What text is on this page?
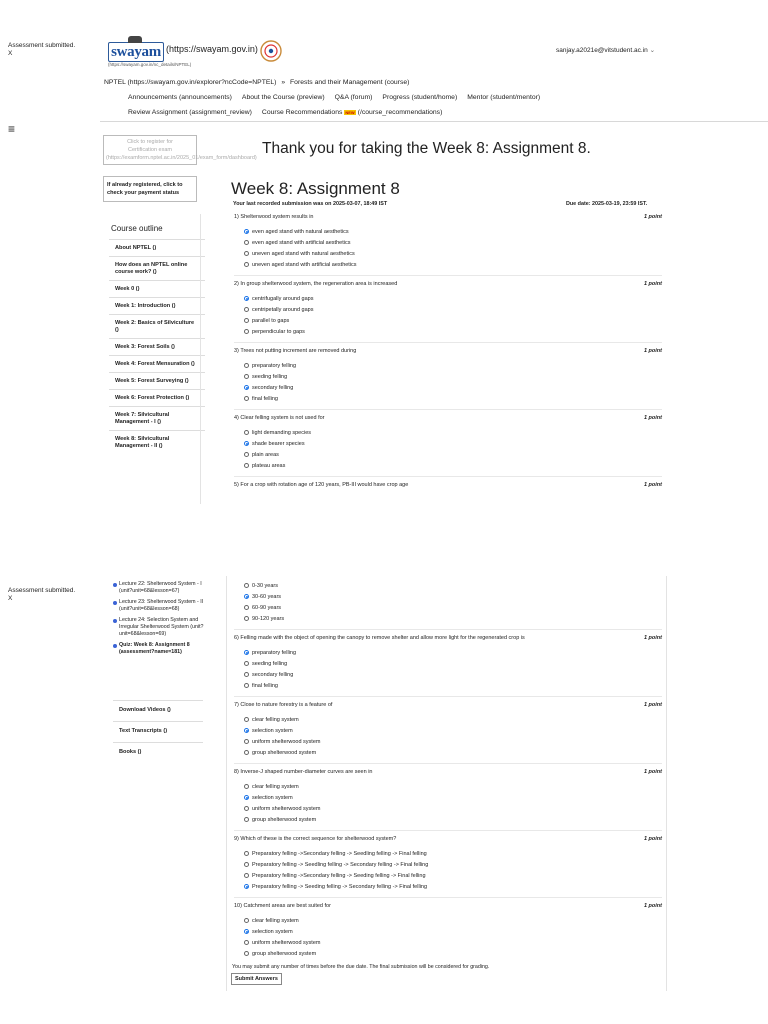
Assessment submitted.
X	swayam (https://swayam.gov.in)
(https://swayam.gov.in/nc_details/NPTEL)
sanjay.a2021e@vitstudent.ac.in ⌄
NPTEL (https://swayam.gov.in/explorer?ncCode=NPTEL) » Forests and their Management (course)
Announcements (announcements) About the Course (preview) Q&A (forum) Progress (student/home) Mentor (student/mentor)
Review Assignment (assignment_review) Course Recommendations NEW (/course_recommendations)
≡
Click to register for
Certification exam
(https://examform.nptel.ac.in/2025_01/exam_form/dashboard)
Thank you for taking the Week 8: Assignment 8.
If already registered, click to check your payment status
Course outline
About NPTEL ()
How does an NPTEL online course work? ()
Week 0 ()
Week 1: Introduction ()
Week 2: Basics of Silviculture ()
Week 3: Forest Soils ()
Week 4: Forest Mensuration ()
Week 5: Forest Surveying ()
Week 6: Forest Protection ()
Week 7: Silvicultural Management - I ()
Week 8: Silvicultural Management - II ()
Week 8: Assignment 8
Your last recorded submission was on 2025-03-07, 18:49 IST	Due date: 2025-03-19, 23:59 IST.
1) Shelterwood system results in	1 point
even aged stand with natural aesthetics
even aged stand with artificial aesthetics
uneven aged stand with natural aesthetics
uneven aged stand with artificial aesthetics
2) In group shelterwood system, the regeneration area is increased	1 point
centrifugally around gaps
centripetally around gaps
parallel to gaps
perpendicular to gaps
3) Trees not putting increment are removed during	1 point
preparatory felling
seeding felling
secondary felling
final felling
4) Clear felling system is not used for	1 point
light demanding species
shade bearer species
plain areas
plateau areas
5) For a crop with rotation age of 120 years, PB-III would have crop age	1 point
Assessment submitted.
X
Lecture 22: Shelterwood System - I (unit?unit=68&lesson=67)
Lecture 23: Shelterwood System - II (unit?unit=68&lesson=68)
Lecture 24: Selection System and Irregular Shelterwood System (unit?unit=68&lesson=69)
Quiz: Week 8: Assignment 8 (assessment?name=181)
Download Videos ()
Text Transcripts ()
Books ()
0-30 years
30-60 years
60-90 years
90-120 years
6) Felling made with the object of opening the canopy to remove shelter and allow more light for the regenerated crop is	1 point
preparatory felling
seeding felling
secondary felling
final felling
7) Close to nature forestry is a feature of	1 point
clear felling system
selection system
uniform shelterwood system
group shelterwood system
8) Inverse-J shaped number-diameter curves are seen in	1 point
clear felling system
selection system
uniform shelterwood system
group shelterwood system
9) Which of these is the correct sequence for shelterwood system?	1 point
Preparatory felling ->Secondary felling -> Seedling felling -> Final felling
Preparatory felling -> Seedling felling -> Secondary felling -> Final felling
Preparatory felling ->Secondary felling -> Seeding felling -> Final felling
Preparatory felling -> Seeding felling -> Secondary felling -> Final felling
10) Catchment areas are best suited for	1 point
clear felling system
selection system
uniform shelterwood system
group shelterwood system
You may submit any number of times before the due date. The final submission will be considered for grading.
Submit Answers
